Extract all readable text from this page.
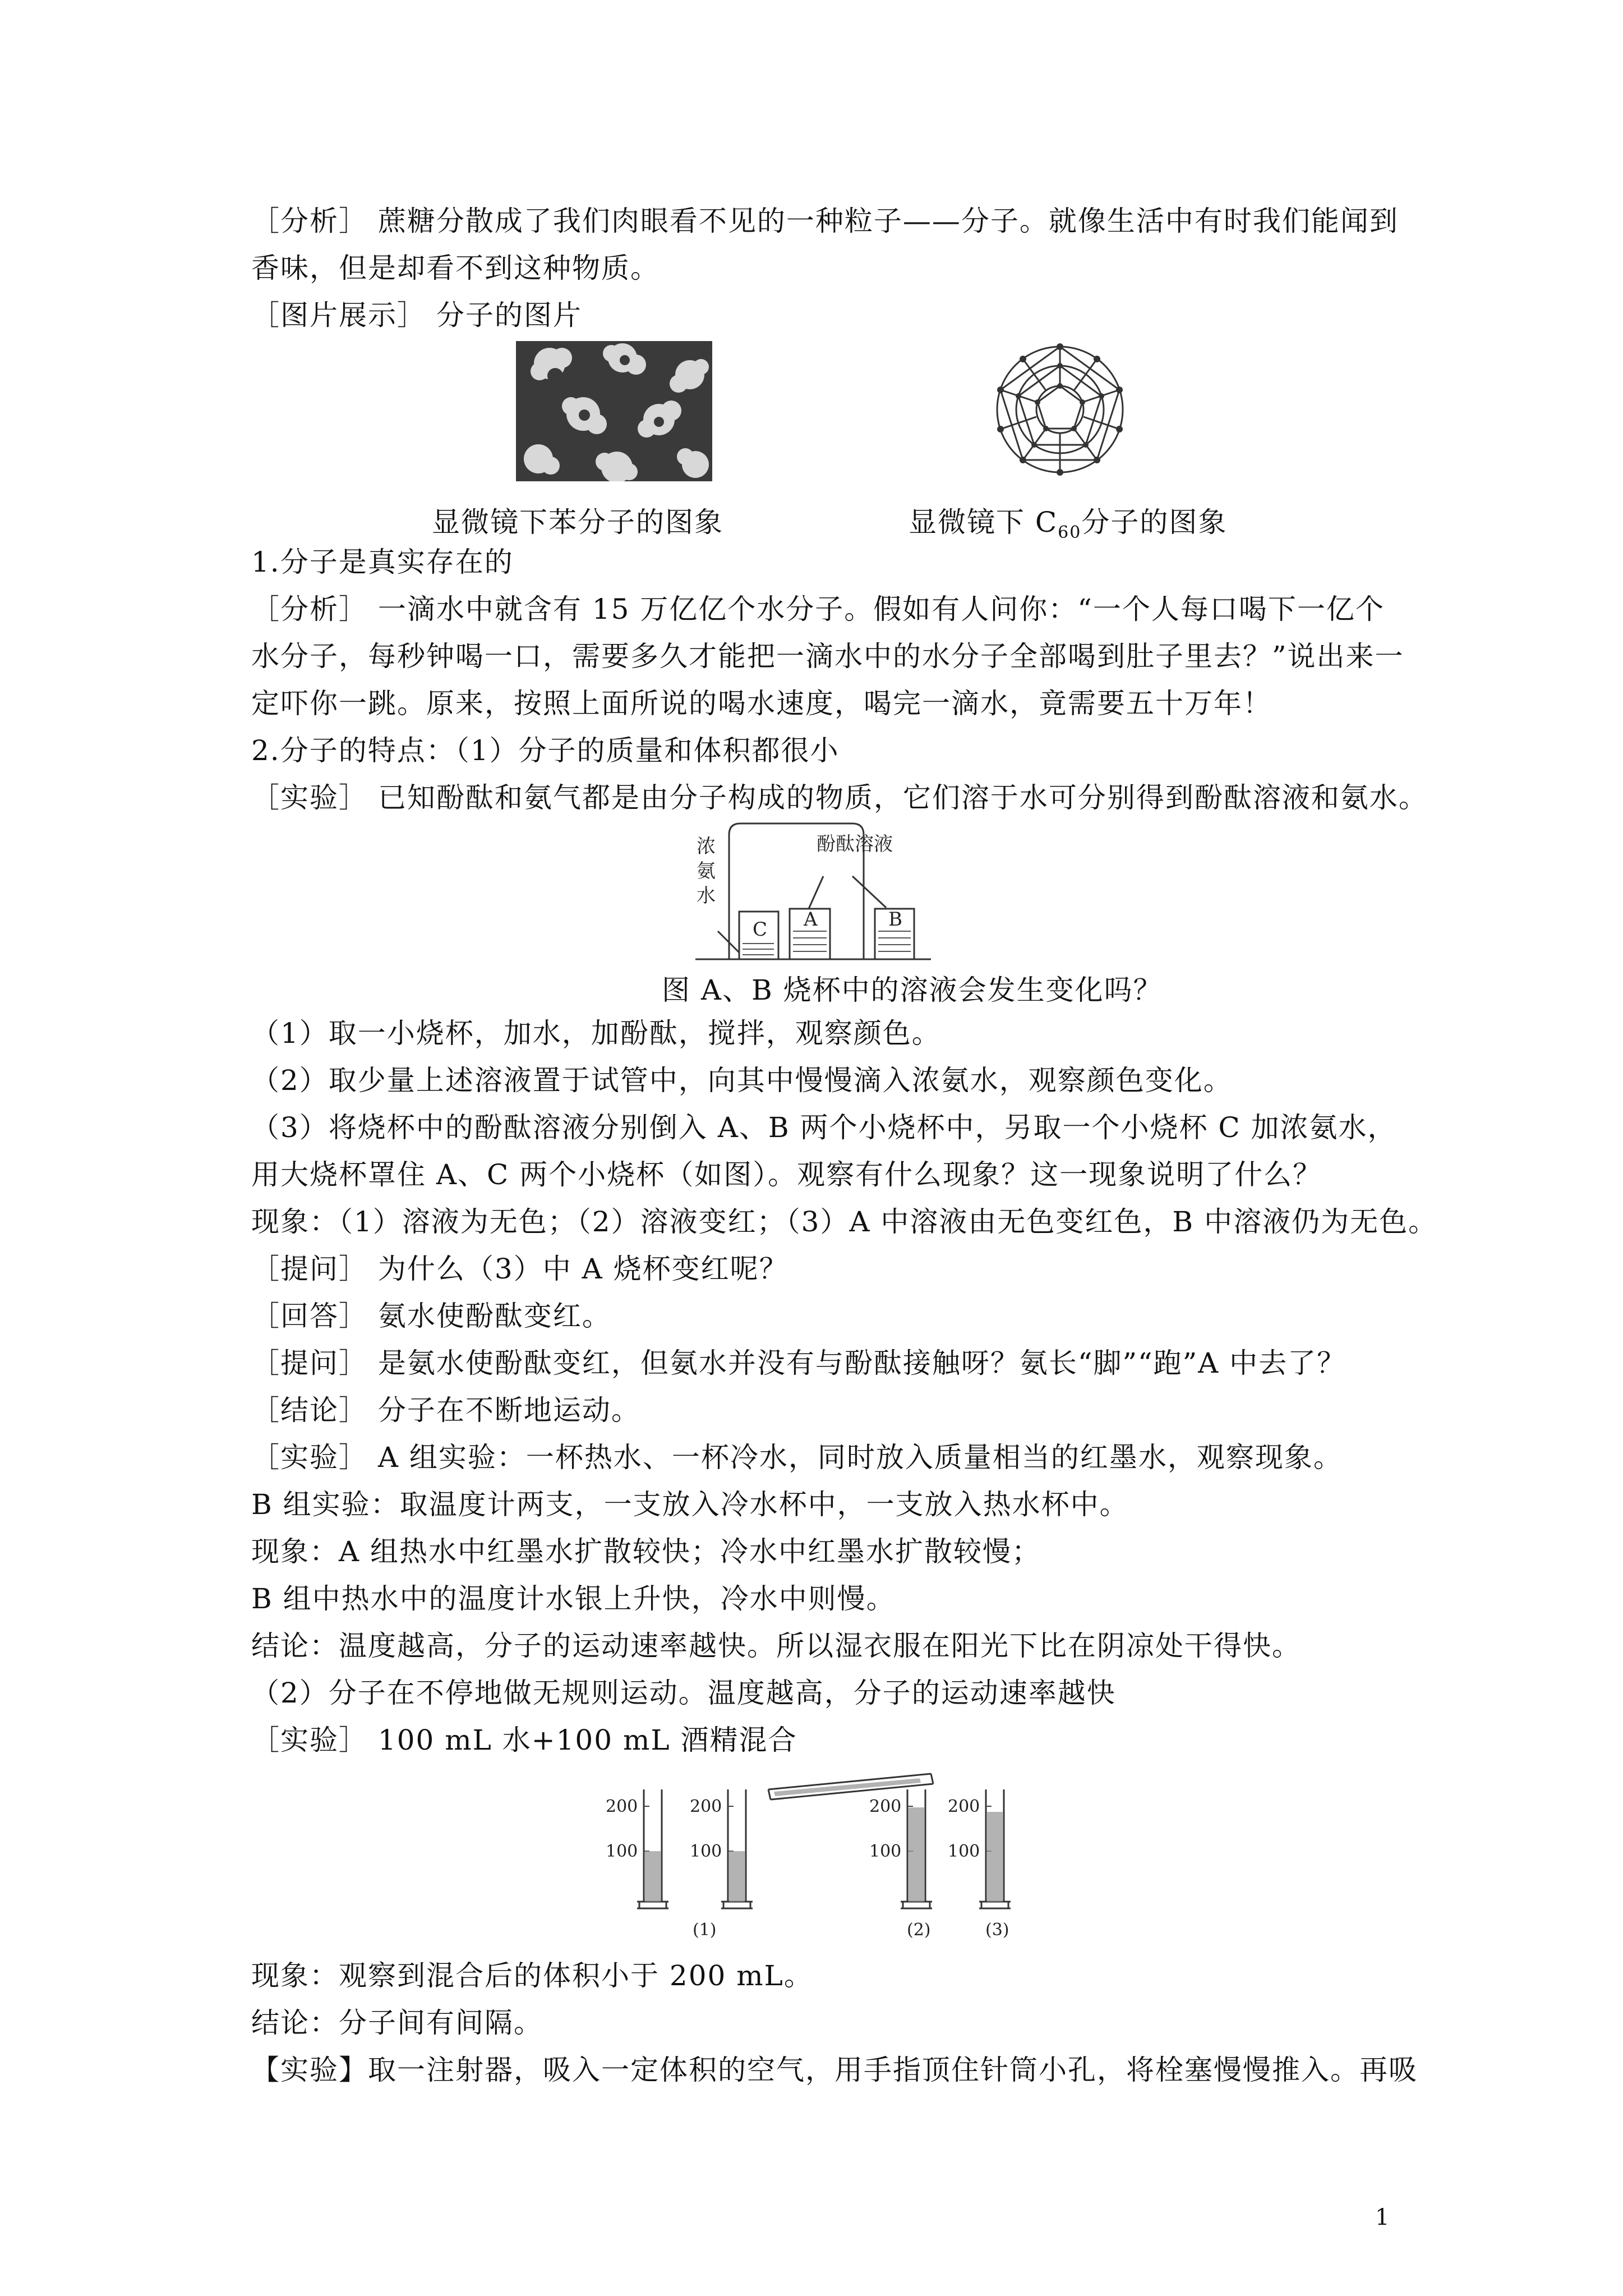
［分析］ 蔗糖分散成了我们肉眼看不见的一种粒子——分子。就像生活中有时我们能闻到香味，但是却看不到这种物质。
［图片展示］ 分子的图片
显微镜下苯分子的图象	显微镜下 $C_{60}$分子的图象
1.分子是真实存在的
［分析］ 一滴水中就含有 15 万亿亿个水分子。假如有人问你：“一个人每口喝下一亿个水分子，每秒钟喝一口，需要多久才能把一滴水中的水分子全部喝到肚子里去？”说出来一定吓你一跳。原来，按照上面所说的喝水速度，喝完一滴水，竟需要五十万年！
2.分子的特点：（1）分子的质量和体积都很小
［实验］ 已知酚酞和氨气都是由分子构成的物质，它们溶于水可分别得到酚酞溶液和氨水。
浓
氨
水
酚酞溶液
C A	B
图 A、B 烧杯中的溶液会发生变化吗？
（1）取一小烧杯，加水，加酚酞，搅拌，观察颜色。
（2）取少量上述溶液置于试管中，向其中慢慢滴入浓氨水，观察颜色变化。
（3）将烧杯中的酚酞溶液分别倒入 A、B 两个小烧杯中，另取一个小烧杯 C 加浓氨水，用大烧杯罩住 A、C 两个小烧杯（如图）。观察有什么现象？这一现象说明了什么？
现象：（1）溶液为无色；（2）溶液变红；（3）A 中溶液由无色变红色，B 中溶液仍为无色。
［提问］ 为什么（3）中 A 烧杯变红呢？
［回答］ 氨水使酚酞变红。
［提问］ 是氨水使酚酞变红，但氨水并没有与酚酞接触呀？氨长“脚”“跑”A 中去了？
［结论］ 分子在不断地运动。
［实验］ A 组实验：一杯热水、一杯冷水，同时放入质量相当的红墨水，观察现象。
B 组实验：取温度计两支，一支放入冷水杯中，一支放入热水杯中。
现象：A 组热水中红墨水扩散较快；冷水中红墨水扩散较慢；
B 组中热水中的温度计水银上升快，冷水中则慢。
结论：温度越高，分子的运动速率越快。所以湿衣服在阳光下比在阴凉处干得快。
（2）分子在不停地做无规则运动。温度越高，分子的运动速率越快
［实验］ 100 mL 水+100 mL 酒精混合
200
100
200
100
200
100
200
100
(1)	(2)	(3)
现象：观察到混合后的体积小于 200 mL。
结论：分子间有间隔。
【实验】取一注射器，吸入一定体积的空气，用手指顶住针筒小孔，将栓塞慢慢推入。再吸
1
